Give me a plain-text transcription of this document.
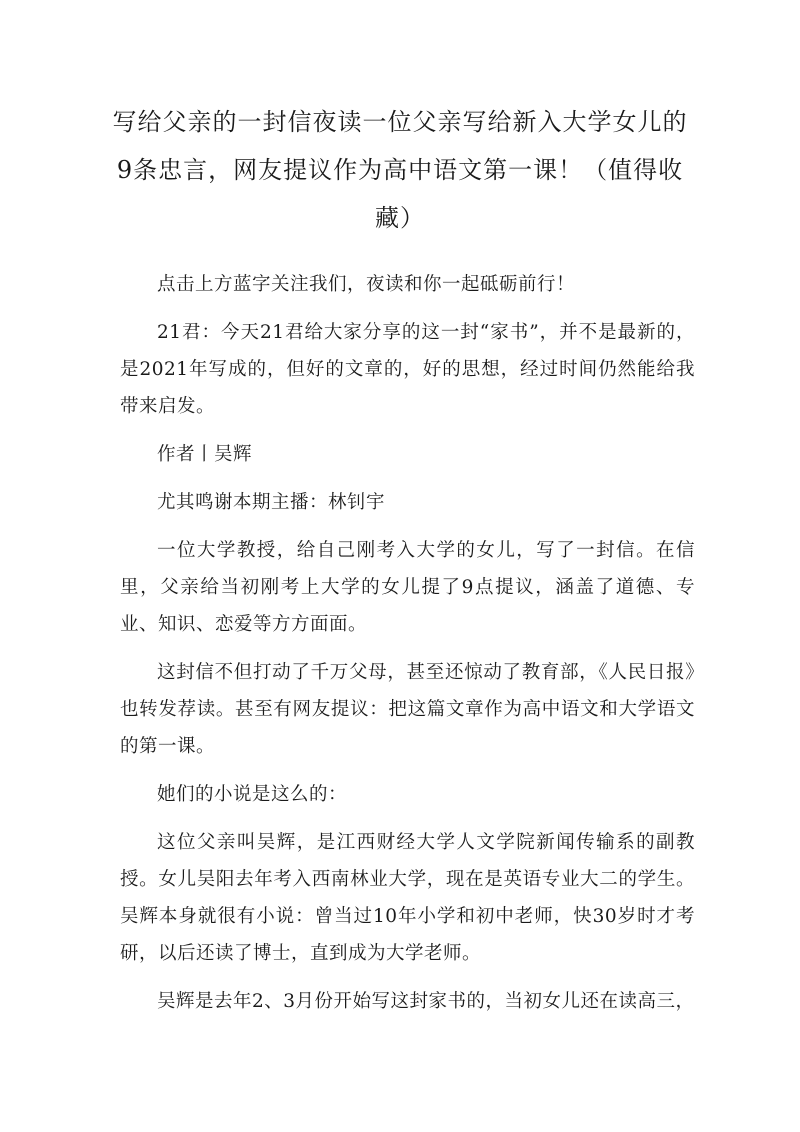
写给父亲的一封信夜读一位父亲写给新入大学女儿的9条忠言，网友提议作为高中语文第一课！（值得收藏）

点击上方蓝字关注我们，夜读和你一起砥砺前行！

21君：今天21君给大家分享的这一封“家书”，并不是最新的，是2021年写成的，但好的文章的，好的思想，经过时间仍然能给我带来启发。

作者丨吴辉

尤其鸣谢本期主播：林钊宇

一位大学教授，给自己刚考入大学的女儿，写了一封信。在信里，父亲给当初刚考上大学的女儿提了9点提议，涵盖了道德、专业、知识、恋爱等方方面面。

这封信不但打动了千万父母，甚至还惊动了教育部，《人民日报》也转发荐读。甚至有网友提议：把这篇文章作为高中语文和大学语文的第一课。

她们的小说是这么的：

这位父亲叫吴辉，是江西财经大学人文学院新闻传输系的副教授。女儿吴阳去年考入西南林业大学，现在是英语专业大二的学生。吴辉本身就很有小说：曾当过10年小学和初中老师，快30岁时才考研，以后还读了博士，直到成为大学老师。

吴辉是去年2、3月份开始写这封家书的，当初女儿还在读高三，
